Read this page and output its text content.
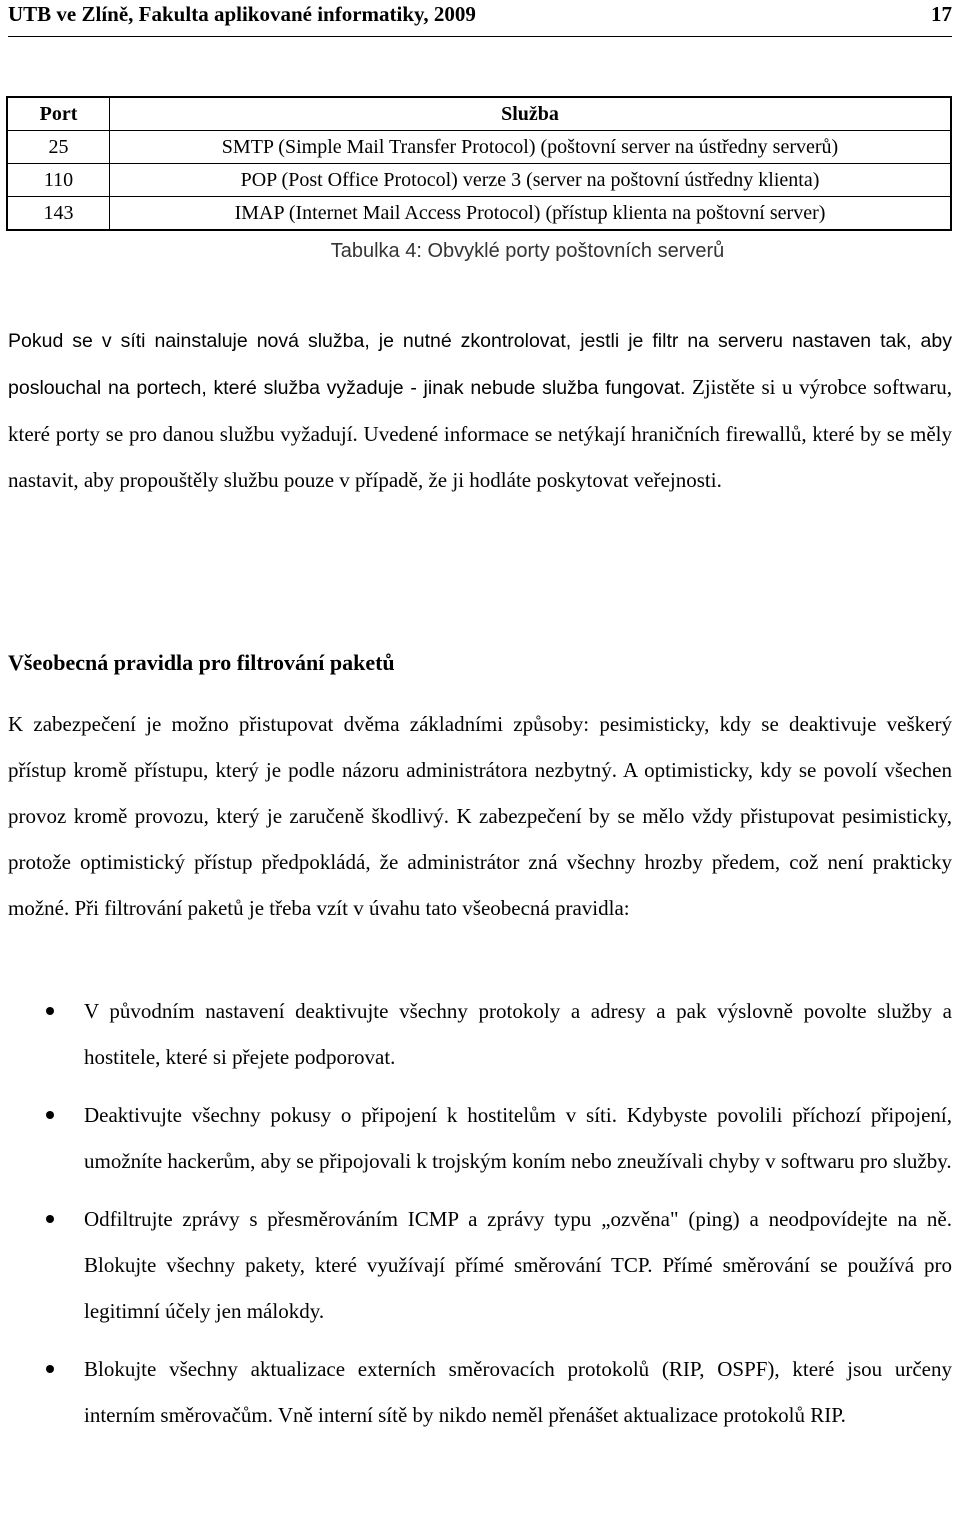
UTB ve Zlíně, Fakulta aplikované informatiky, 2009	17
Port	Služba
25	SMTP (Simple Mail Transfer Protocol) (poštovní server na ústředny serverů)
110	POP (Post Office Protocol) verze 3 (server na poštovní ústředny klienta)
143	IMAP (Internet Mail Access Protocol) (přístup klienta na poštovní server)
Tabulka 4: Obvyklé porty poštovních serverů

Pokud se v síti nainstaluje nová služba, je nutné zkontrolovat, jestli je filtr na serveru nastaven tak, aby poslouchal na portech, které služba vyžaduje - jinak nebude služba fungovat. Zjistěte si u výrobce softwaru, které porty se pro danou službu vyžadují. Uvedené informace se netýkají hraničních firewallů, které by se měly nastavit, aby propouštěly službu pouze v případě, že ji hodláte poskytovat veřejnosti.

Všeobecná pravidla pro filtrování paketů

K zabezpečení je možno přistupovat dvěma základními způsoby: pesimisticky, kdy se deaktivuje veškerý přístup kromě přístupu, který je podle názoru administrátora nezbytný. A optimisticky, kdy se povolí všechen provoz kromě provozu, který je zaručeně škodlivý. K zabezpečení by se mělo vždy přistupovat pesimisticky, protože optimistický přístup předpokládá, že administrátor zná všechny hrozby předem, což není prakticky možné. Při filtrování paketů je třeba vzít v úvahu tato všeobecná pravidla:

V původním nastavení deaktivujte všechny protokoly a adresy a pak výslovně povolte služby a hostitele, které si přejete podporovat.
Deaktivujte všechny pokusy o připojení k hostitelům v síti. Kdybyste povolili příchozí připojení, umožníte hackerům, aby se připojovali k trojským koním nebo zneužívali chyby v softwaru pro služby.
Odfiltrujte zprávy s přesměrováním ICMP a zprávy typu „ozvěna" (ping) a neodpovídejte na ně. Blokujte všechny pakety, které využívají přímé směrování TCP. Přímé směrování se používá pro legitimní účely jen málokdy.
Blokujte všechny aktualizace externích směrovacích protokolů (RIP, OSPF), které jsou určeny interním směrovačům. Vně interní sítě by nikdo neměl přenášet aktualizace protokolů RIP.
